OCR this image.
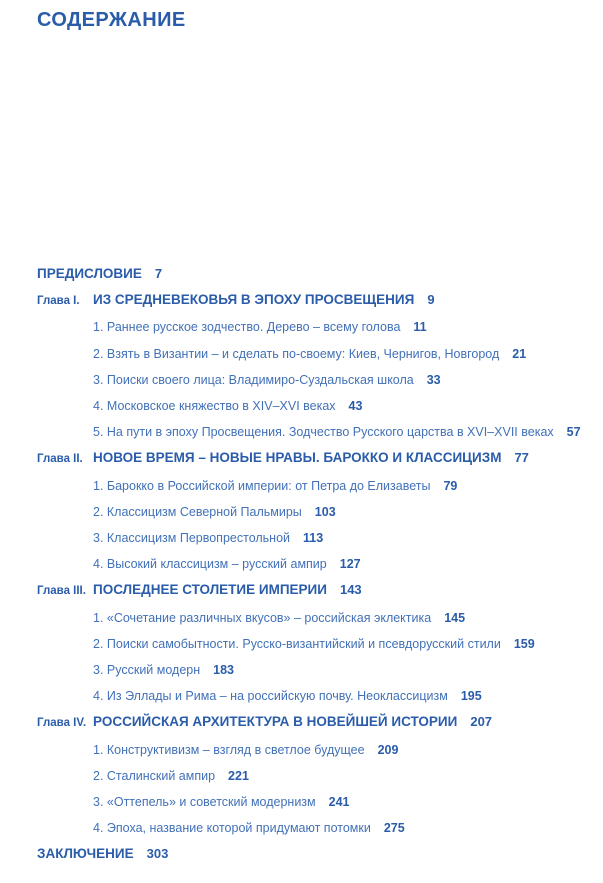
СОДЕРЖАНИЕ
ПРЕДИСЛОВИЕ 7
Глава I. ИЗ СРЕДНЕВЕКОВЬЯ В ЭПОХУ ПРОСВЕЩЕНИЯ 9
1. Раннее русское зодчество. Дерево – всему голова 11
2. Взять в Византии – и сделать по-своему: Киев, Чернигов, Новгород 21
3. Поиски своего лица: Владимиро-Суздальская школа 33
4. Московское княжество в XIV–XVI веках 43
5. На пути в эпоху Просвещения. Зодчество Русского царства в XVI–XVII веках 57
Глава II. НОВОЕ ВРЕМЯ – НОВЫЕ НРАВЫ. БАРОККО И КЛАССИЦИЗМ 77
1. Барокко в Российской империи: от Петра до Елизаветы 79
2. Классицизм Северной Пальмиры 103
3. Классицизм Первопрестольной 113
4. Высокий классицизм – русский ампир 127
Глава III. ПОСЛЕДНЕЕ СТОЛЕТИЕ ИМПЕРИИ 143
1. «Сочетание различных вкусов» – российская эклектика 145
2. Поиски самобытности. Русско-византийский и псевдорусский стили 159
3. Русский модерн 183
4. Из Эллады и Рима – на российскую почву. Неоклассицизм 195
Глава IV. РОССИЙСКАЯ АРХИТЕКТУРА В НОВЕЙШЕЙ ИСТОРИИ 207
1. Конструктивизм – взгляд в светлое будущее 209
2. Сталинский ампир 221
3. «Оттепель» и советский модернизм 241
4. Эпоха, название которой придумают потомки 275
ЗАКЛЮЧЕНИЕ 303
